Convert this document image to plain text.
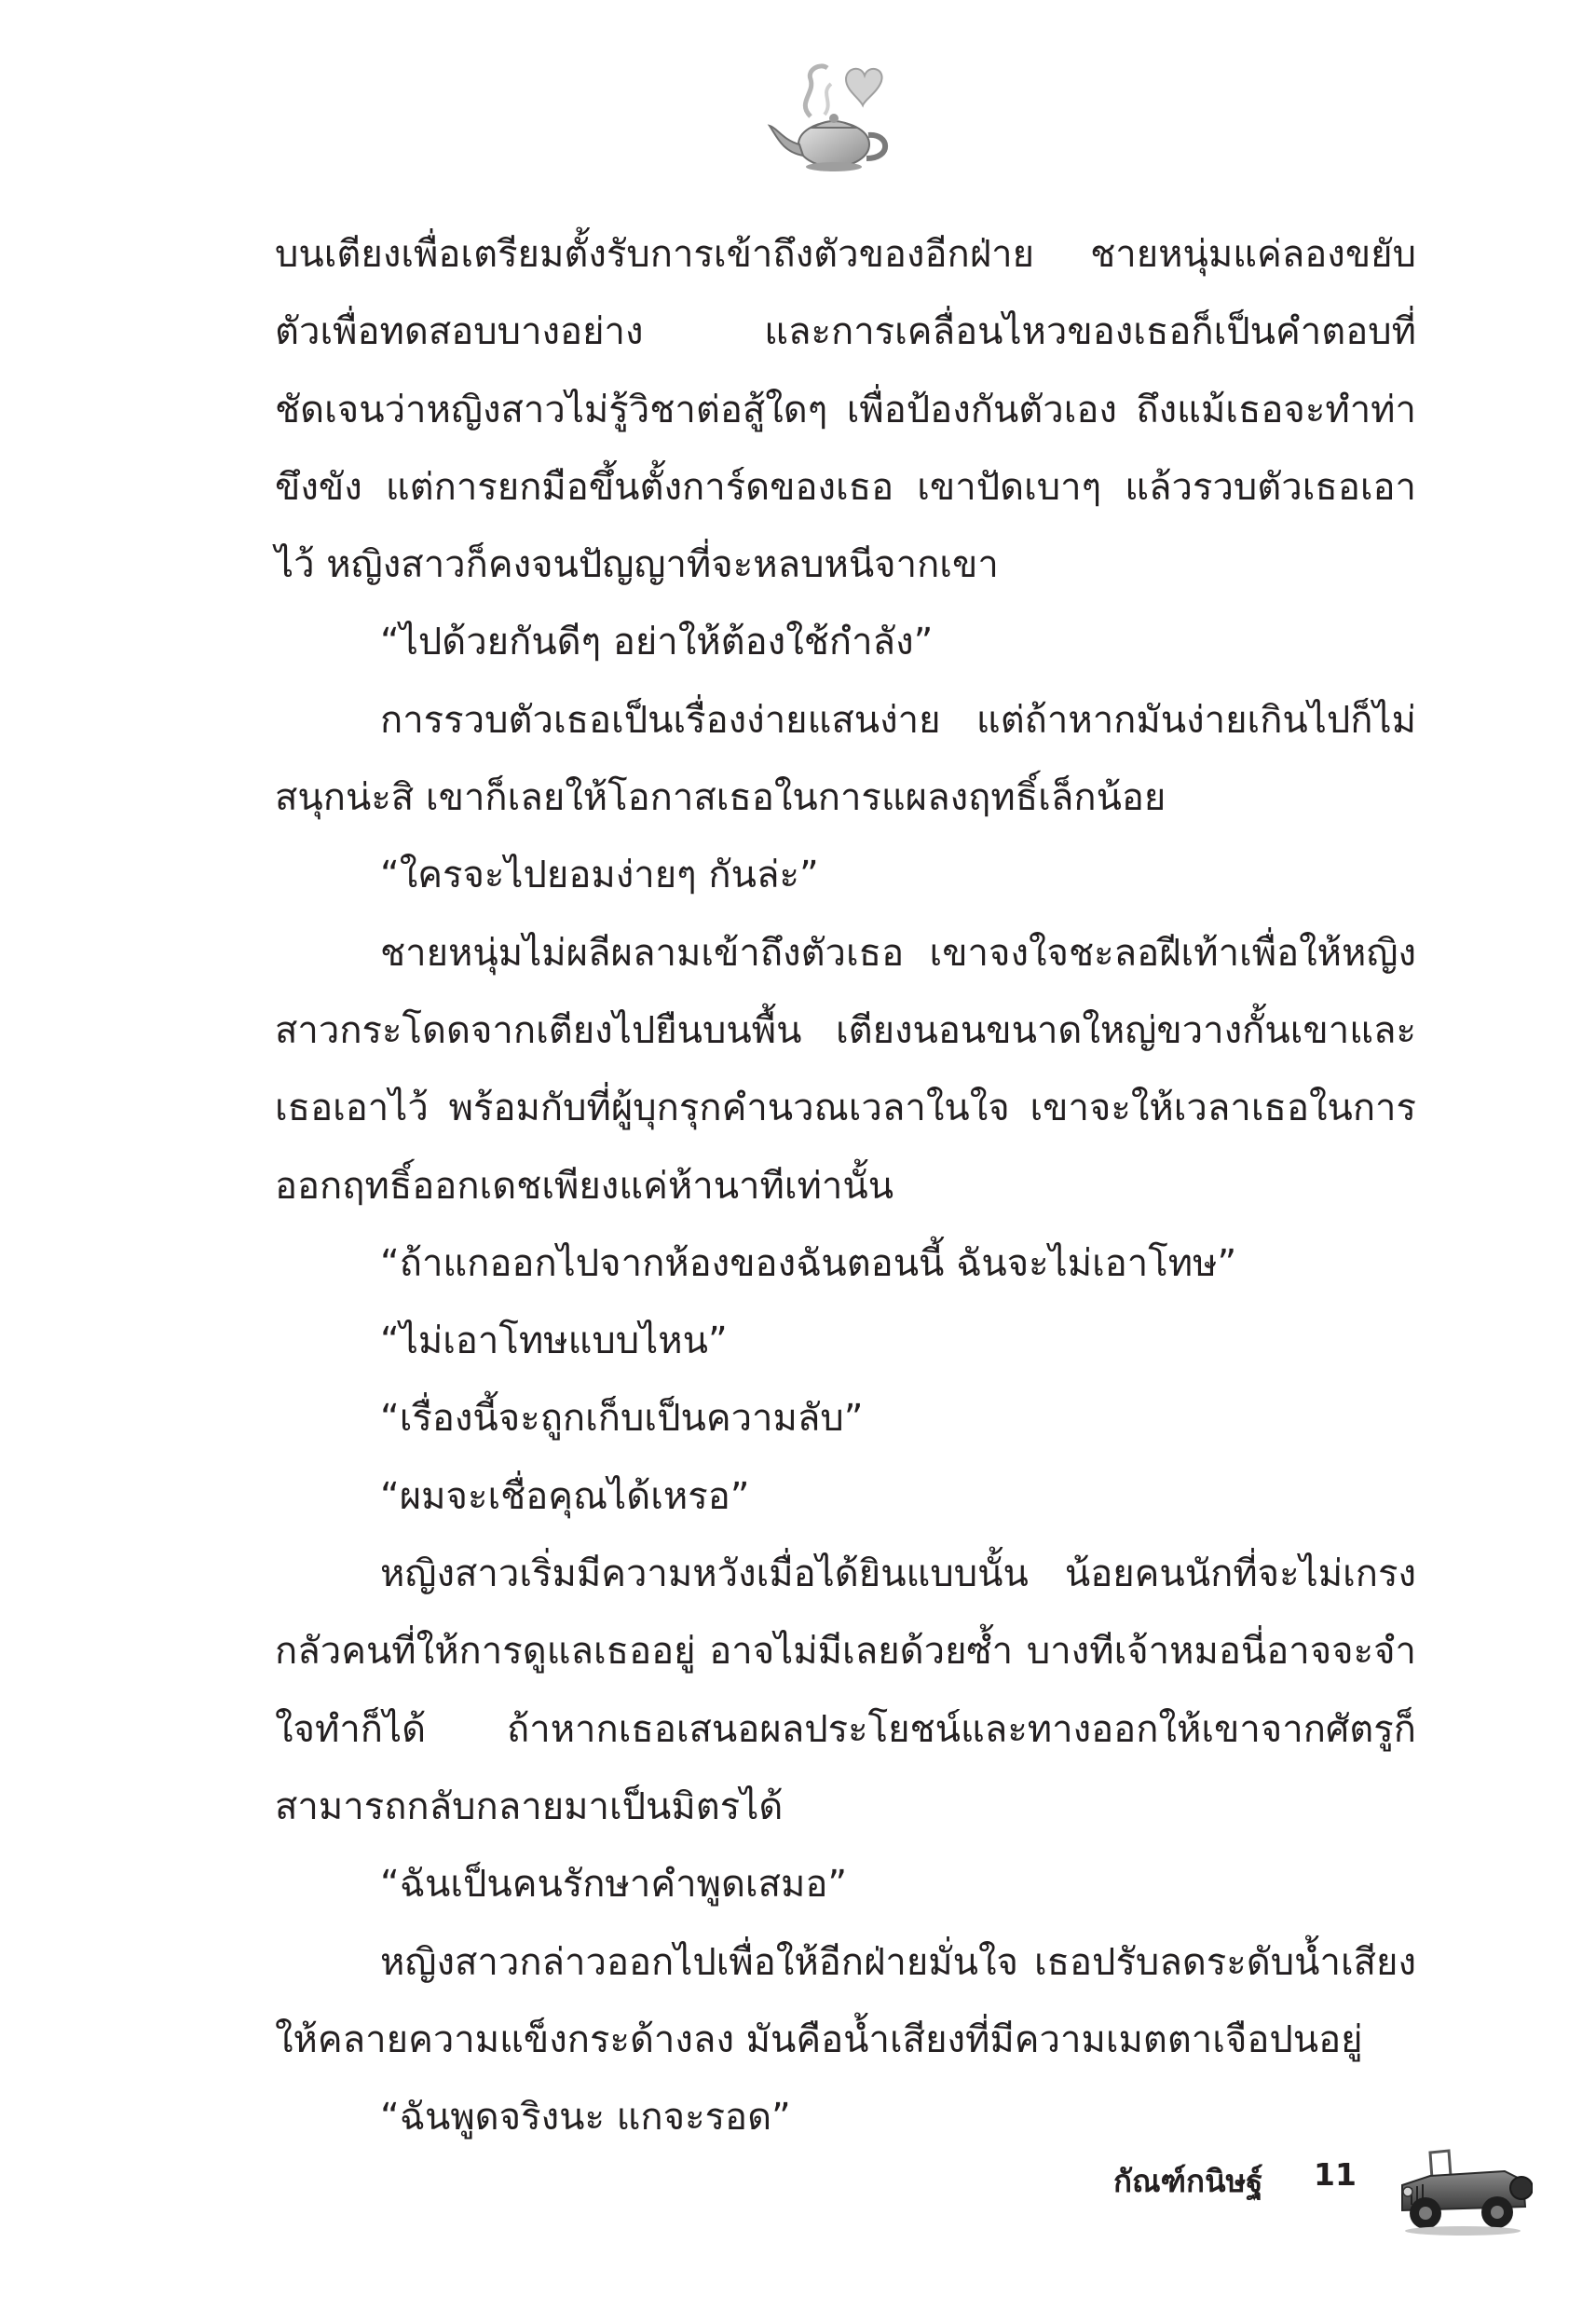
บนเตียงเพื่อเตรียมตั้งรับการเข้าถึงตัวของอีกฝ่าย ชายหนุ่มแค่ลองขยับตัวเพื่อทดสอบบางอย่าง และการเคลื่อนไหวของเธอก็เป็นคำตอบที่ชัดเจนว่าหญิงสาวไม่รู้วิชาต่อสู้ใดๆ เพื่อป้องกันตัวเอง ถึงแม้เธอจะทำท่าขึงขัง แต่การยกมือขึ้นตั้งการ์ดของเธอ เขาปัดเบาๆ แล้วรวบตัวเธอเอาไว้ หญิงสาวก็คงจนปัญญาที่จะหลบหนีจากเขา

“ไปด้วยกันดีๆ อย่าให้ต้องใช้กำลัง”

การรวบตัวเธอเป็นเรื่องง่ายแสนง่าย แต่ถ้าหากมันง่ายเกินไปก็ไม่สนุกน่ะสิ เขาก็เลยให้โอกาสเธอในการแผลงฤทธิ์เล็กน้อย

“ใครจะไปยอมง่ายๆ กันล่ะ”

ชายหนุ่มไม่ผลีผลามเข้าถึงตัวเธอ เขาจงใจชะลอฝีเท้าเพื่อให้หญิงสาวกระโดดจากเตียงไปยืนบนพื้น เตียงนอนขนาดใหญ่ขวางกั้นเขาและเธอเอาไว้ พร้อมกับที่ผู้บุกรุกคำนวณเวลาในใจ เขาจะให้เวลาเธอในการออกฤทธิ์ออกเดชเพียงแค่ห้านาทีเท่านั้น

“ถ้าแกออกไปจากห้องของฉันตอนนี้ ฉันจะไม่เอาโทษ”

“ไม่เอาโทษแบบไหน”

“เรื่องนี้จะถูกเก็บเป็นความลับ”

“ผมจะเชื่อคุณได้เหรอ”

หญิงสาวเริ่มมีความหวังเมื่อได้ยินแบบนั้น น้อยคนนักที่จะไม่เกรงกลัวคนที่ให้การดูแลเธออยู่ อาจไม่มีเลยด้วยซ้ำ บางทีเจ้าหมอนี่อาจจะจำใจทำก็ได้ ถ้าหากเธอเสนอผลประโยชน์และทางออกให้เขาจากศัตรูก็สามารถกลับกลายมาเป็นมิตรได้

“ฉันเป็นคนรักษาคำพูดเสมอ”

หญิงสาวกล่าวออกไปเพื่อให้อีกฝ่ายมั่นใจ เธอปรับลดระดับน้ำเสียงให้คลายความแข็งกระด้างลง มันคือน้ำเสียงที่มีความเมตตาเจือปนอยู่

“ฉันพูดจริงนะ แกจะรอด”

กัณฑ์กนิษฐ์ 11
